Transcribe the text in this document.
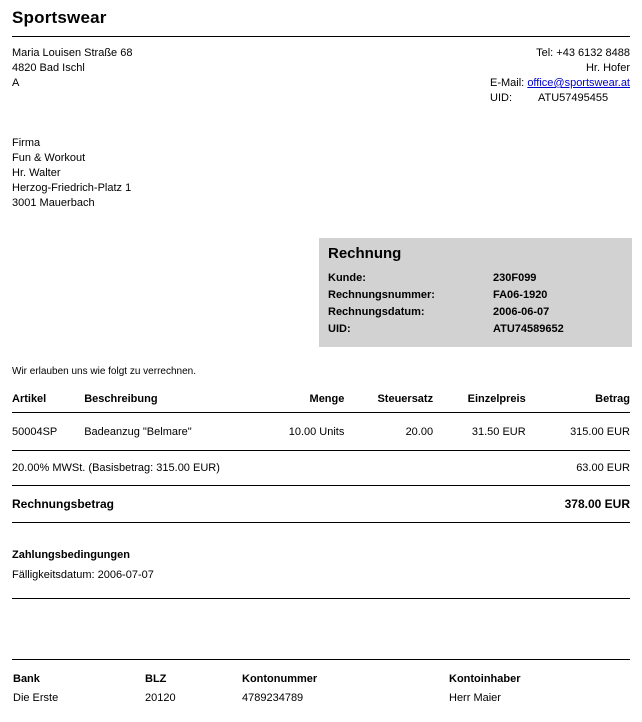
Sportswear
Maria Louisen Straße 68
4820 Bad Ischl
A
Tel: +43 6132 8488
Hr. Hofer
E-Mail: office@sportswear.at
UID: ATU57495455
Firma
Fun & Workout
Hr. Walter
Herzog-Friedrich-Platz 1
3001 Mauerbach
Rechnung
Kunde:	230F099
Rechnungsnummer:	FA06-1920
Rechnungsdatum:	2006-06-07
UID:	ATU74589652
Wir erlauben uns wie folgt zu verrechnen.
Artikel	Beschreibung	Menge	Steuersatz	Einzelpreis	Betrag
50004SP	Badeanzug "Belmare"	10.00 Units	20.00	31.50 EUR	315.00 EUR
20.00% MWSt. (Basisbetrag: 315.00 EUR)					63.00 EUR
Rechnungsbetrag					378.00 EUR
Zahlungsbedingungen
Fälligkeitsdatum: 2006-07-07
Bank	BLZ	Kontonummer	Kontoinhaber
Die Erste	20120	4789234789	Herr Maier
